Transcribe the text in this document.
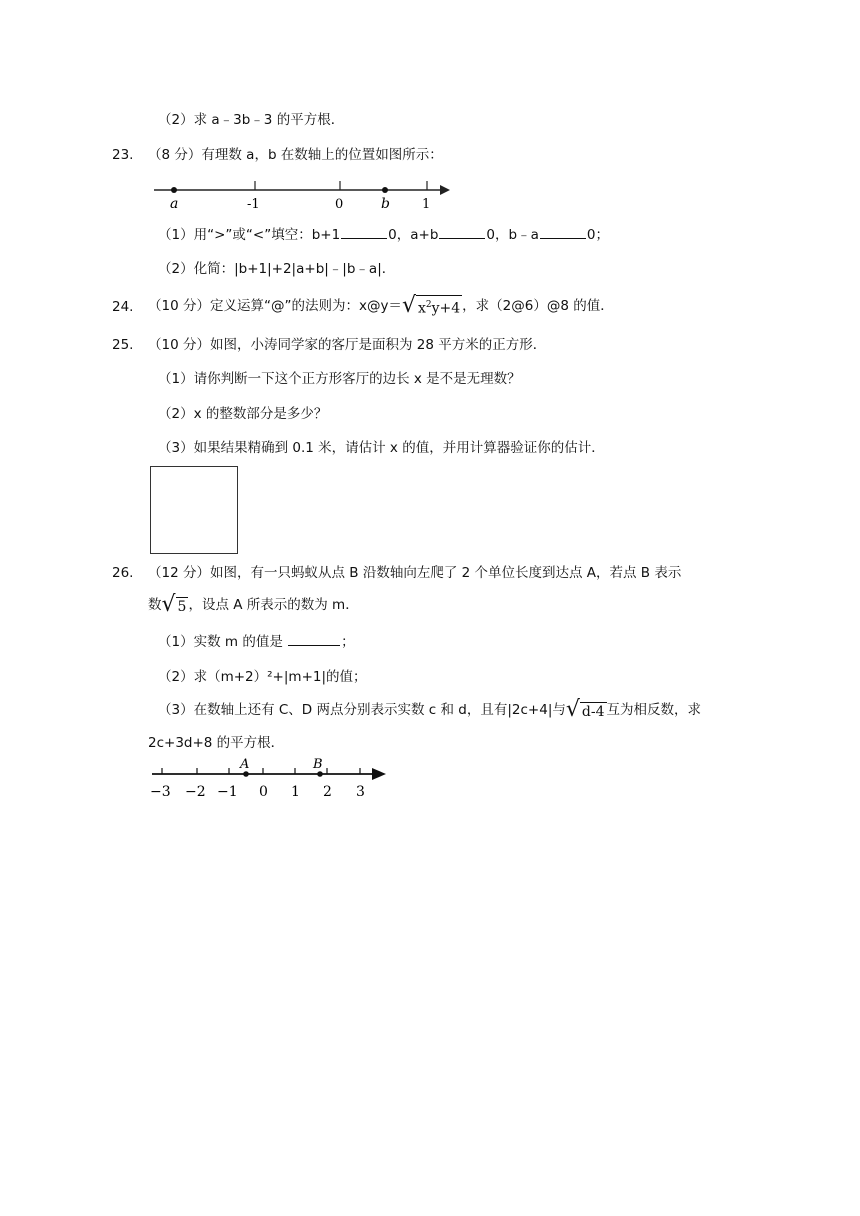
（2）求 a﹣3b﹣3 的平方根．
23. （8 分）有理数 a，b 在数轴上的位置如图所示：
a	-1	0	b 1
（1）用“>”或“<”填空：b+1	0，a+b	0，b﹣a	0；
（2）化简：|b+1|+2|a+b|﹣|b﹣a|．
24. （10 分）定义运算“@”的法则为：x@y＝ √ $x^2y+4$ ，求（2@6）@8 的值．
25. （10 分）如图，小涛同学家的客厅是面积为 28 平方米的正方形．
（1）请你判断一下这个正方形客厅的边长 x 是不是无理数？
（2）x 的整数部分是多少？
（3）如果结果精确到 0.1 米，请估计 x 的值，并用计算器验证你的估计．
26. （12 分）如图，有一只蚂蚁从点 B 沿数轴向左爬了 2 个单位长度到达点 A，若点 B 表示
数 √ 5 ，设点 A 所表示的数为 m．
（1）实数 m 的值是	；
（2）求（m+2）²+|m+1|的值；
（3）在数轴上还有 C、D 两点分别表示实数 c 和 d，且有|2c+4|与 √ d-4 互为相反数，求
2c+3d+8 的平方根．
A	B
−3 −2 −1 0 1 2 3
